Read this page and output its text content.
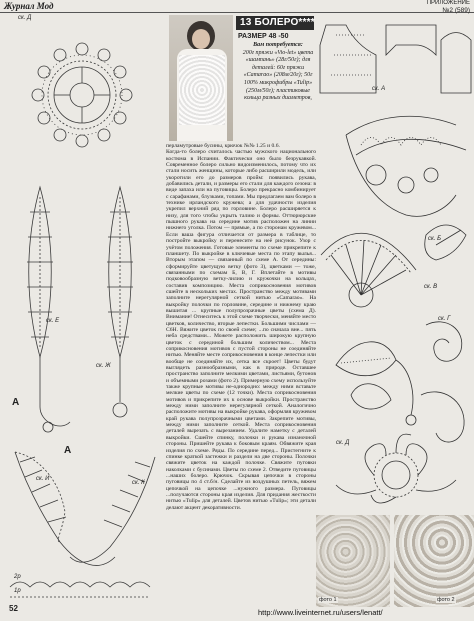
Журнал Мод	ПРИЛОЖЕНИЕ
№2 (589)
ск. Д
ск. Е
ск. Ж
ск. И
ск. К
А
А
2р
1р
13 БОЛЕРО****
РАЗМЕР 48 -50
Вам потребуется:
200г пряжи «Vio-let» цвета «шампань» (28г/50г); для деталей: 60г пряжи «Camarao» (208м/20г); 50г 100% микрофибры «Tulip» (250м/50г); пластиковые кольца разных диаметров,
ск. А
ск. Б
ск. В
ск. Г
ск. Д

перламутровые бусины, крючок №№ 1.25 и 0.6.

Когда-то болеро считалось частью мужского национального костюма в Испании. Фактически оно было безрукавкой. Современное болеро сильно видоизменилось, потому что их стали носить женщины, которые либо расширили модель, или укоротили его до размеров пройм: появились рукава, добавились детали, и размеры его стали для каждого сезона: в виде запаха или на пуговицы. Болеро прекрасно комбинирует с сарафанами, блузками, топами. Мы предлагаем вам болеро в технике ирландского кружева; а для удачности изделия укрепил верхний ряд по горловине. Болеро расширяется к низу, для того чтобы укрыть талию и формы. Оттюрюрские пышного рукава на середине мотив расположен на линии нижнего уголка. Потом — прямые, а по сторонам кружевом... Если ваша фигура отличается от размера в таблице, то постройте выкройку и перенесите на неё рисунок. Узор с учётом положения. Готовые элементы по схеме прикрепите к планшету. По выкройке в ключевые места по этапу вылья... Вторым этапом — связанный по схеме А. От середины: сформируйте цветущую ветку (фото 3), цветками — тоже, связанными по схемам Б, В, Г. Вплетайте в мотивы подковообразную ветку-лилию и кружочки на кольцах, составив композицию. Места соприкосновения мотивов сшейте в нескольких местах. Пространство между мотивами заполните нерегулярной сеткой нитью «Camarao». На выкройку полочки по горловине, середине и нижнему краю вышитая ... крупные полупрозрачные цветы (схема Д). Внимание! Отнеситесь к этой схеме творчески, меняйте место цветков, количество, вторые лепестки. Большими числами — C6H. Вяжите цветок по своей схеме; ...по сначала вне... пять неба средствами... Можете расположить широкую крупную цветок с серединой большим количеством... Места соприкосновения мотивов с пустой стороны не соединяйте нитью. Меняйте месте соприкосновения в конце лепестки или вообще не соединяйте их, сетка все скроет! Цветы будут выглядеть разнообразными, как в природе. Оставшее пространство заполните мелкими цветами, листьями, бутонов и объемными розами (фото 2). Примерную схему используйте также крупные мотивы не-однородно: между ними вставьте мелкие цветы по схеме (12 точки). Места соприкосновения мотивов и прикрепите их к основе выкройки. Пространство между ними заполните нерегулярной сеткой. Аналогично расположите мотивы на выкройке рукава, оформляя кружевом край рукава полупрозрачными цветами. Закрепите мотивы, между ними заполните сеткой. Места соприкосновения деталей вырезать с вырезанием. Удалите наметку с деталей выкройки. Сшейте спинку, полочки и рукава изнаночной стороны. Пришейте рукава к боковым краям. Обвяжите края изделия по схеме. Ряды. По середине перед... Пристегните к спинке краткой застежки и раздели на две стороны. Полочки свяжите цветок на каждой полочке. Свяжите пуговки наколками с бусинами. Цветы по схеме 2. Отведите пуговицы ...наших болеро. Крючок. Скрывая цепочки в стороны пуговицы по 4 ст.б/н. Сделайте из воздушных петель, вяжем цепочкой на цепочке ...нужного размера. Пуговицы ...получаются стороны края изделия. Для придания жесткости нитью «Tulip» для деталей. Цветов нитью «Tulip»; эти детали делают акцент декоративности.

фото 1	фото 2
52	http://www.liveinternet.ru/users/lenatt/
